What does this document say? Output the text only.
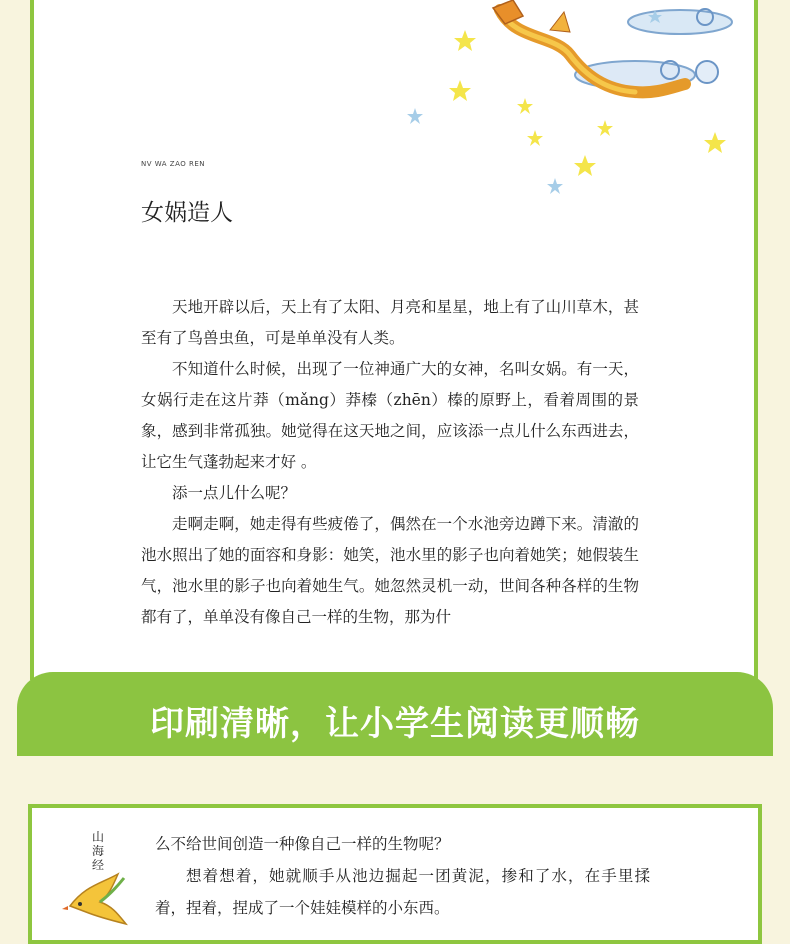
NV WA ZAO REN
女娲造人

天地开辟以后，天上有了太阳、月亮和星星，地上有了山川草木，甚至有了鸟兽虫鱼，可是单单没有人类。

不知道什么时候，出现了一位神通广大的女神，名叫女娲。有一天，女娲行走在这片莽（mǎng）莽榛（zhēn）榛的原野上，看着周围的景象，感到非常孤独。她觉得在这天地之间，应该添一点儿什么东西进去，让它生气蓬勃起来才好 。

添一点儿什么呢？

走啊走啊，她走得有些疲倦了，偶然在一个水池旁边蹲下来。清澈的池水照出了她的面容和身影：她笑，池水里的影子也向着她笑；她假装生气，池水里的影子也向着她生气。她忽然灵机一动，世间各种各样的生物都有了，单单没有像自己一样的生物，那为什

印刷清晰，让小学生阅读更顺畅
山海经

么不给世间创造一种像自己一样的生物呢？

想着想着，她就顺手从池边掘起一团黄泥，掺和了水，在手里揉着，捏着，捏成了一个娃娃模样的小东西。
